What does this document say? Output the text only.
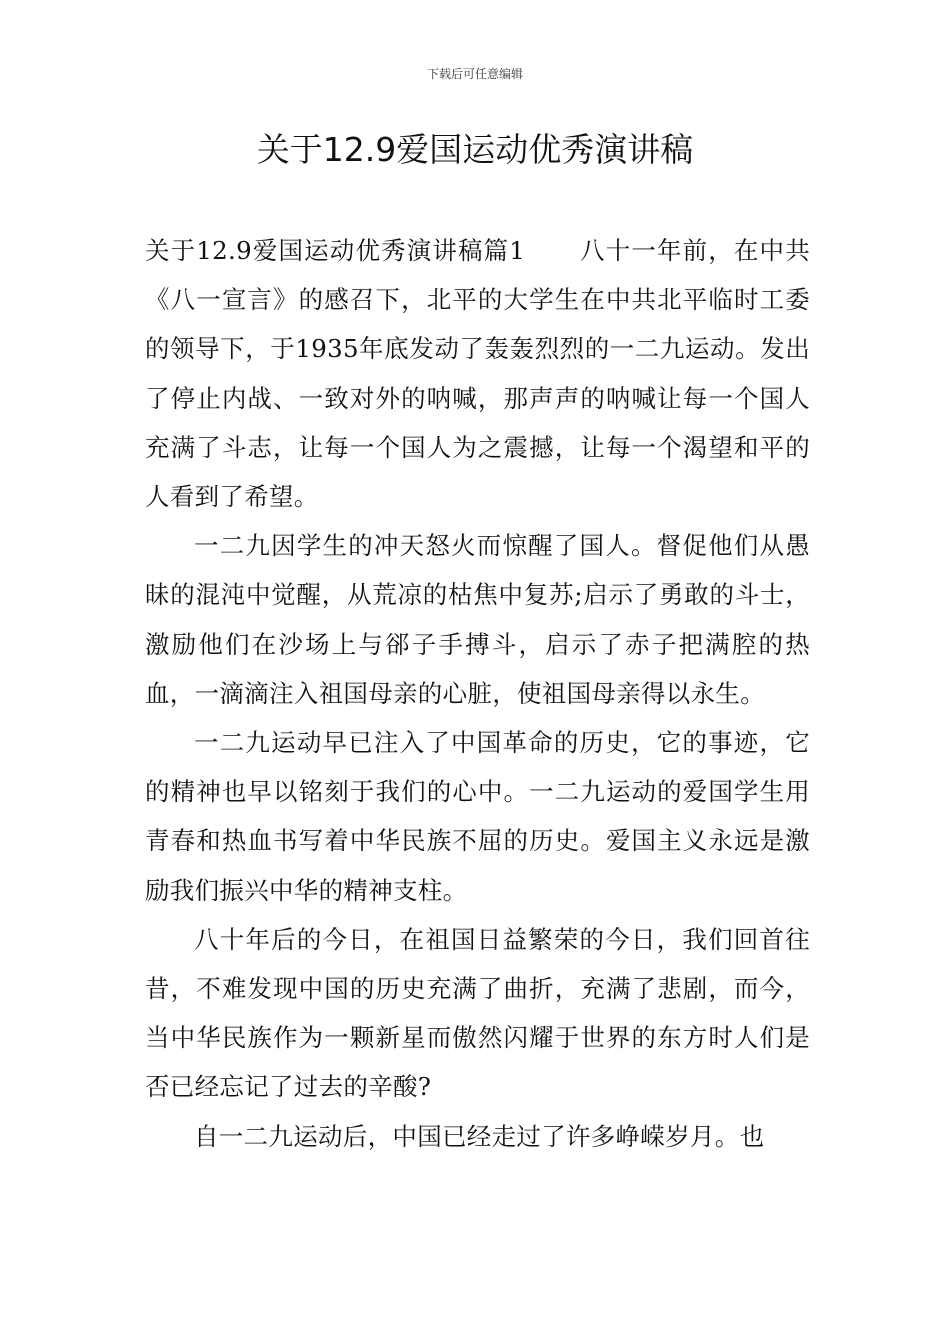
下载后可任意编辑
关于12.9爱国运动优秀演讲稿

关于12.9爱国运动优秀演讲稿篇1 八十一年前，在中共《八一宣言》的感召下，北平的大学生在中共北平临时工委的领导下，于1935年底发动了轰轰烈烈的一二九运动。发出了停止内战、一致对外的呐喊，那声声的呐喊让每一个国人充满了斗志，让每一个国人为之震撼，让每一个渴望和平的人看到了希望。

一二九因学生的冲天怒火而惊醒了国人。督促他们从愚昧的混沌中觉醒，从荒凉的枯焦中复苏;启示了勇敢的斗士，激励他们在沙场上与郤子手搏斗，启示了赤子把满腔的热血，一滴滴注入祖国母亲的心脏，使祖国母亲得以永生。

一二九运动早已注入了中国革命的历史，它的事迹，它的精神也早以铭刻于我们的心中。一二九运动的爱国学生用青春和热血书写着中华民族不屈的历史。爱国主义永远是激励我们振兴中华的精神支柱。

八十年后的今日，在祖国日益繁荣的今日，我们回首往昔，不难发现中国的历史充满了曲折，充满了悲剧，而今，当中华民族作为一颗新星而傲然闪耀于世界的东方时人们是否已经忘记了过去的辛酸?

自一二九运动后，中国已经走过了许多峥嵘岁月。也
